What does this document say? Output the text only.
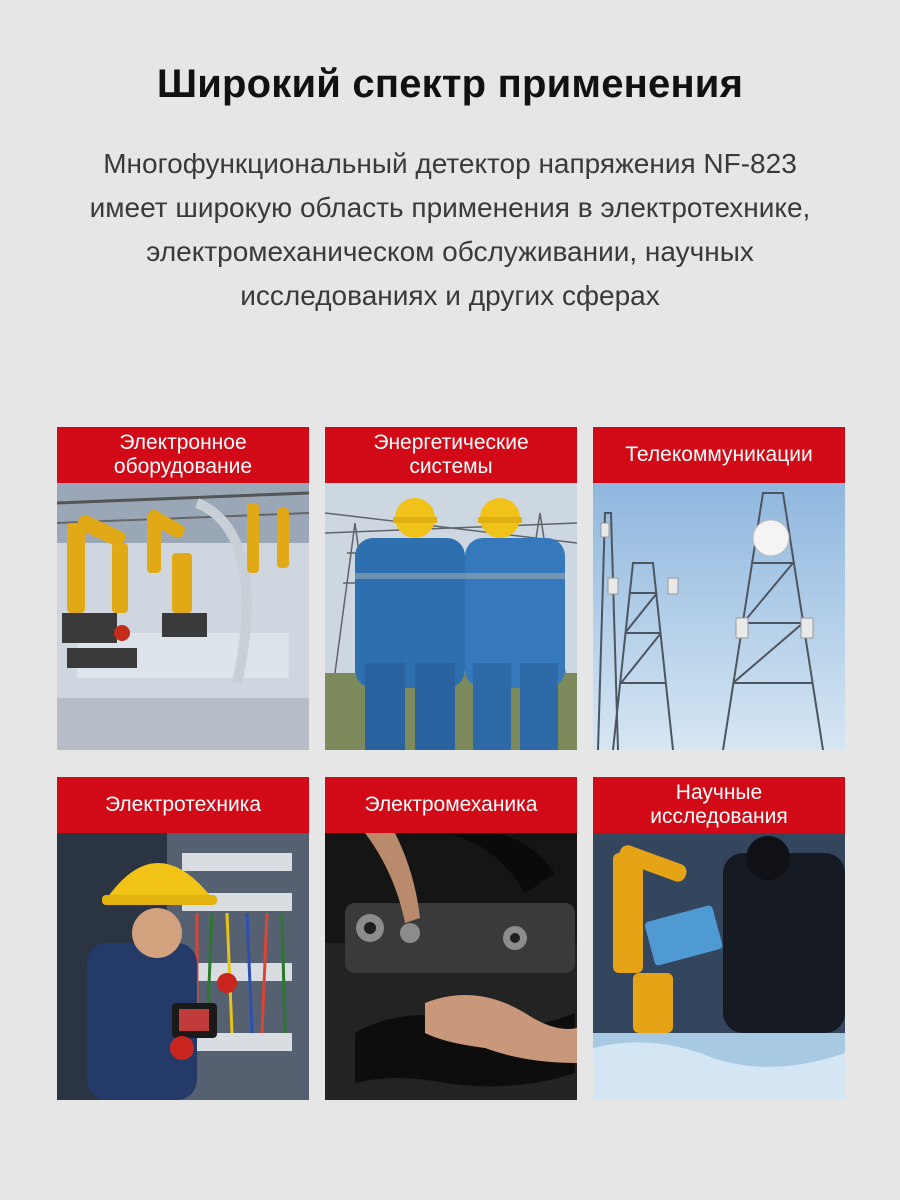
Широкий спектр применения
Многофункциональный детектор напряжения NF-823
имеет широкую область применения в электротехнике,
электромеханическом обслуживании, научных
исследованиях и других сферах
Электронное
оборудование
Энергетические
системы
Телекоммуникации
Электротехника	Электромеханика
Научные
исследования
